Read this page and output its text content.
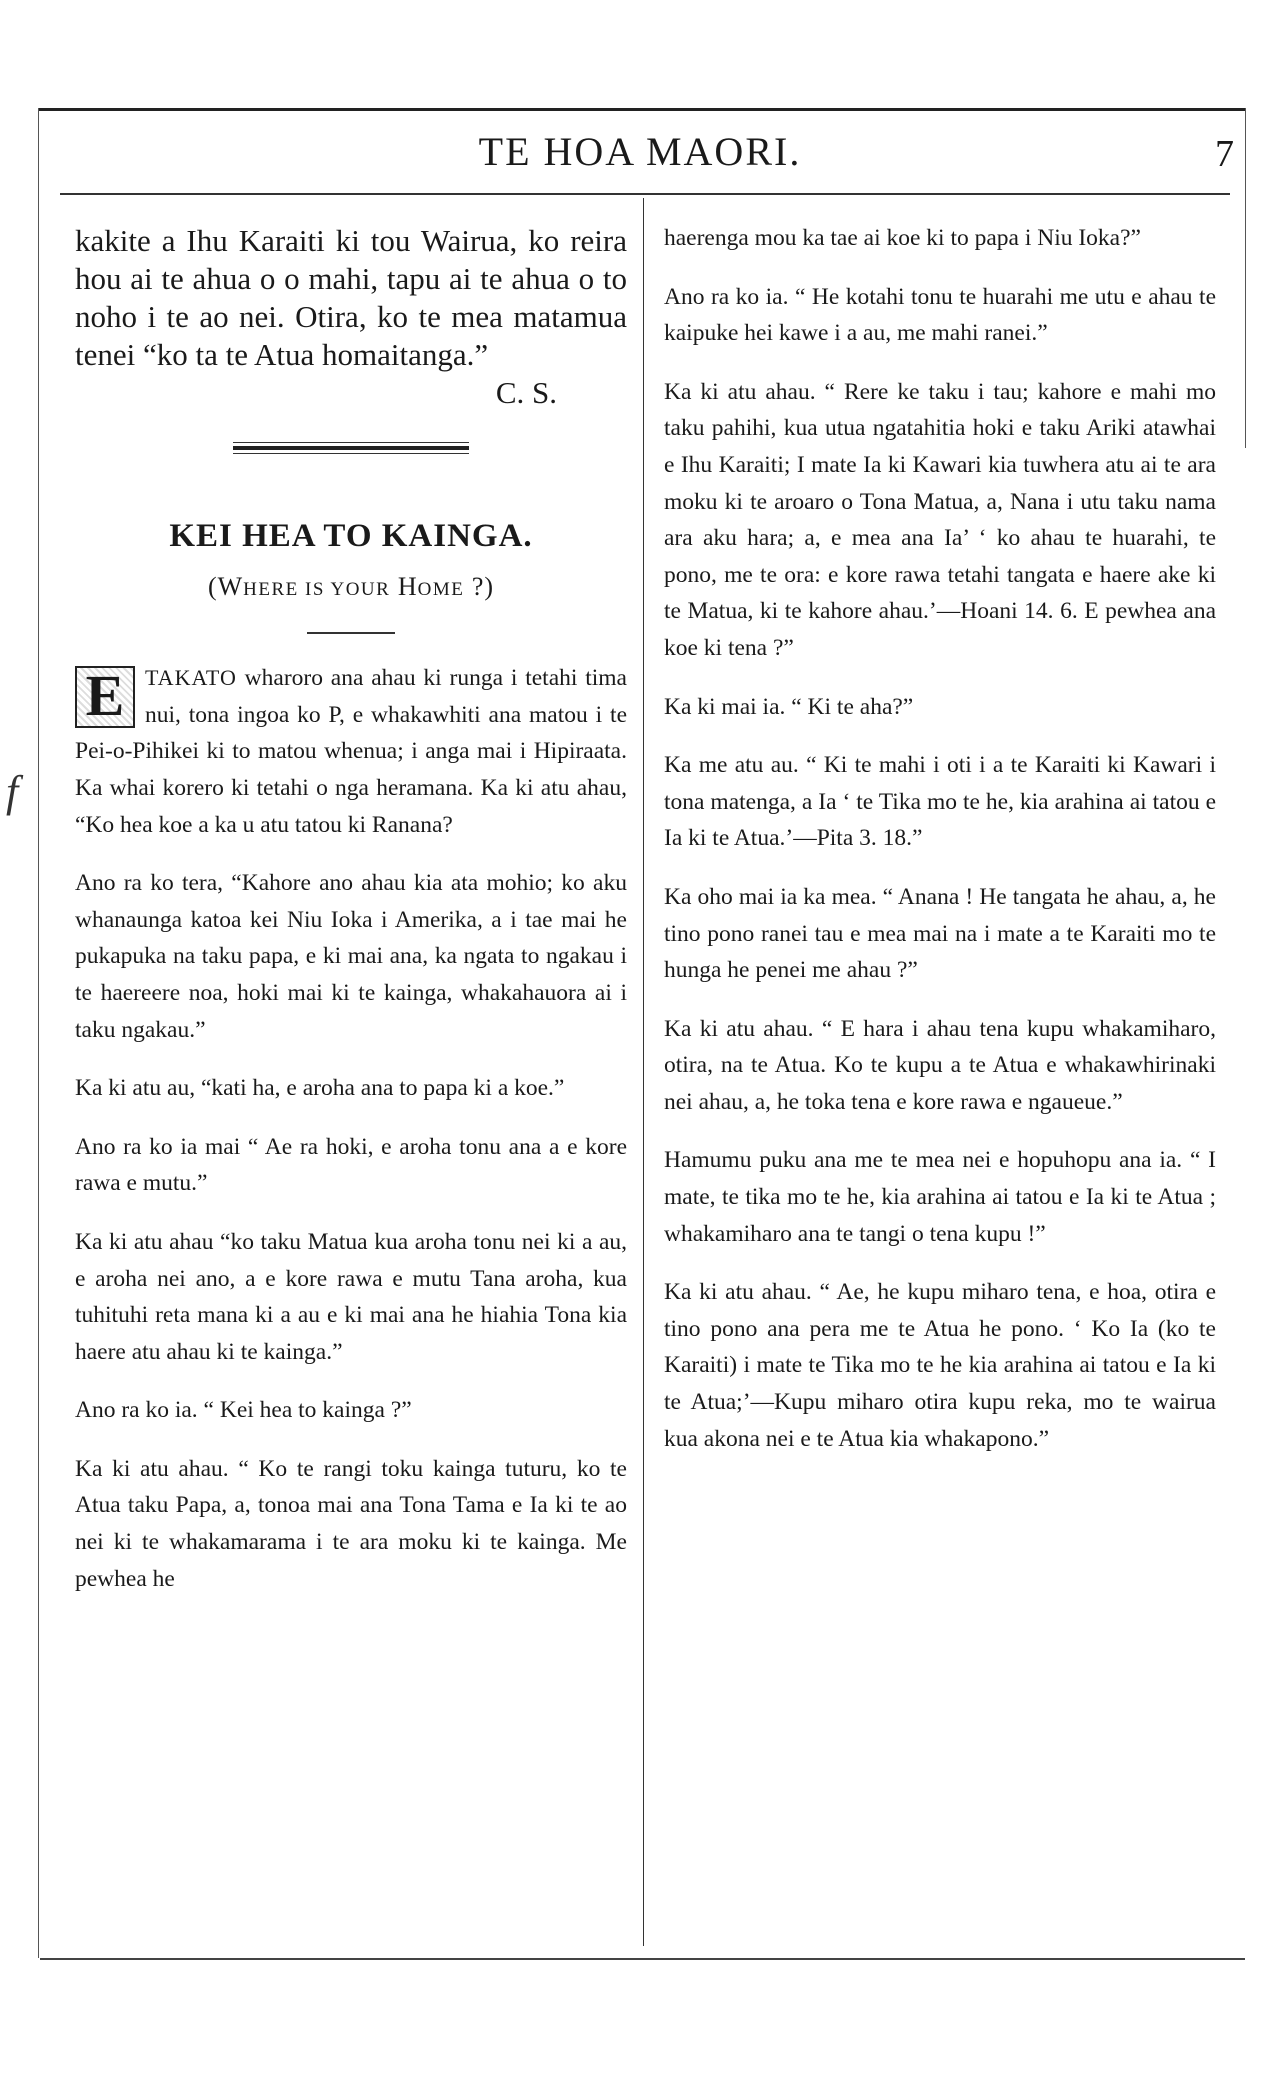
TE HOA MAORI.	7
f

kakite a Ihu Karaiti ki tou Wairua, ko reira hou ai te ahua o o mahi, tapu ai te ahua o to noho i te ao nei. Otira, ko te mea matamua tenei “ko ta te Atua homaitanga.”

C. S.

KEI HEA TO KAINGA.
(WHERE IS YOUR HOME ?)

E TAKATO wharoro ana ahau ki runga i tetahi tima nui, tona ingoa ko P, e whakawhiti ana matou i te Pei-o-Pihikei ki to matou whenua; i anga mai i Hipiraata. Ka whai korero ki tetahi o nga heramana. Ka ki atu ahau, “Ko hea koe a ka u atu tatou ki Ranana?

Ano ra ko tera, “Kahore ano ahau kia ata mohio; ko aku whanaunga katoa kei Niu Ioka i Amerika, a i tae mai he pukapuka na taku papa, e ki mai ana, ka ngata to ngakau i te haereere noa, hoki mai ki te kainga, whakahauora ai i taku ngakau.”

Ka ki atu au, “kati ha, e aroha ana to papa ki a koe.”

Ano ra ko ia mai “ Ae ra hoki, e aroha tonu ana a e kore rawa e mutu.”

Ka ki atu ahau “ko taku Matua kua aroha tonu nei ki a au, e aroha nei ano, a e kore rawa e mutu Tana aroha, kua tuhituhi reta mana ki a au e ki mai ana he hiahia Tona kia haere atu ahau ki te kainga.”

Ano ra ko ia. “ Kei hea to kainga ?”

Ka ki atu ahau. “ Ko te rangi toku kainga tuturu, ko te Atua taku Papa, a, tonoa mai ana Tona Tama e Ia ki te ao nei ki te whakamarama i te ara moku ki te kainga. Me pewhea he

haerenga mou ka tae ai koe ki to papa i Niu Ioka?”

Ano ra ko ia. “ He kotahi tonu te huarahi me utu e ahau te kaipuke hei kawe i a au, me mahi ranei.”

Ka ki atu ahau. “ Rere ke taku i tau; kahore e mahi mo taku pahihi, kua utua ngatahitia hoki e taku Ariki atawhai e Ihu Karaiti; I mate Ia ki Kawari kia tuwhera atu ai te ara moku ki te aroaro o Tona Matua, a, Nana i utu taku nama ara aku hara; a, e mea ana Ia’ ‘ ko ahau te huarahi, te pono, me te ora: e kore rawa tetahi tangata e haere ake ki te Matua, ki te kahore ahau.’—Hoani 14. 6. E pewhea ana koe ki tena ?”

Ka ki mai ia. “ Ki te aha?”

Ka me atu au. “ Ki te mahi i oti i a te Karaiti ki Kawari i tona matenga, a Ia ‘ te Tika mo te he, kia arahina ai tatou e Ia ki te Atua.’—Pita 3. 18.”

Ka oho mai ia ka mea. “ Anana ! He tangata he ahau, a, he tino pono ranei tau e mea mai na i mate a te Karaiti mo te hunga he penei me ahau ?”

Ka ki atu ahau. “ E hara i ahau tena kupu whakamiharo, otira, na te Atua. Ko te kupu a te Atua e whakawhirinaki nei ahau, a, he toka tena e kore rawa e ngaueue.”

Hamumu puku ana me te mea nei e hopuhopu ana ia. “ I mate, te tika mo te he, kia arahina ai tatou e Ia ki te Atua ; whakamiharo ana te tangi o tena kupu !”

Ka ki atu ahau. “ Ae, he kupu miharo tena, e hoa, otira e tino pono ana pera me te Atua he pono. ‘ Ko Ia (ko te Karaiti) i mate te Tika mo te he kia arahina ai tatou e Ia ki te Atua;’—Kupu miharo otira kupu reka, mo te wairua kua akona nei e te Atua kia whakapono.”
